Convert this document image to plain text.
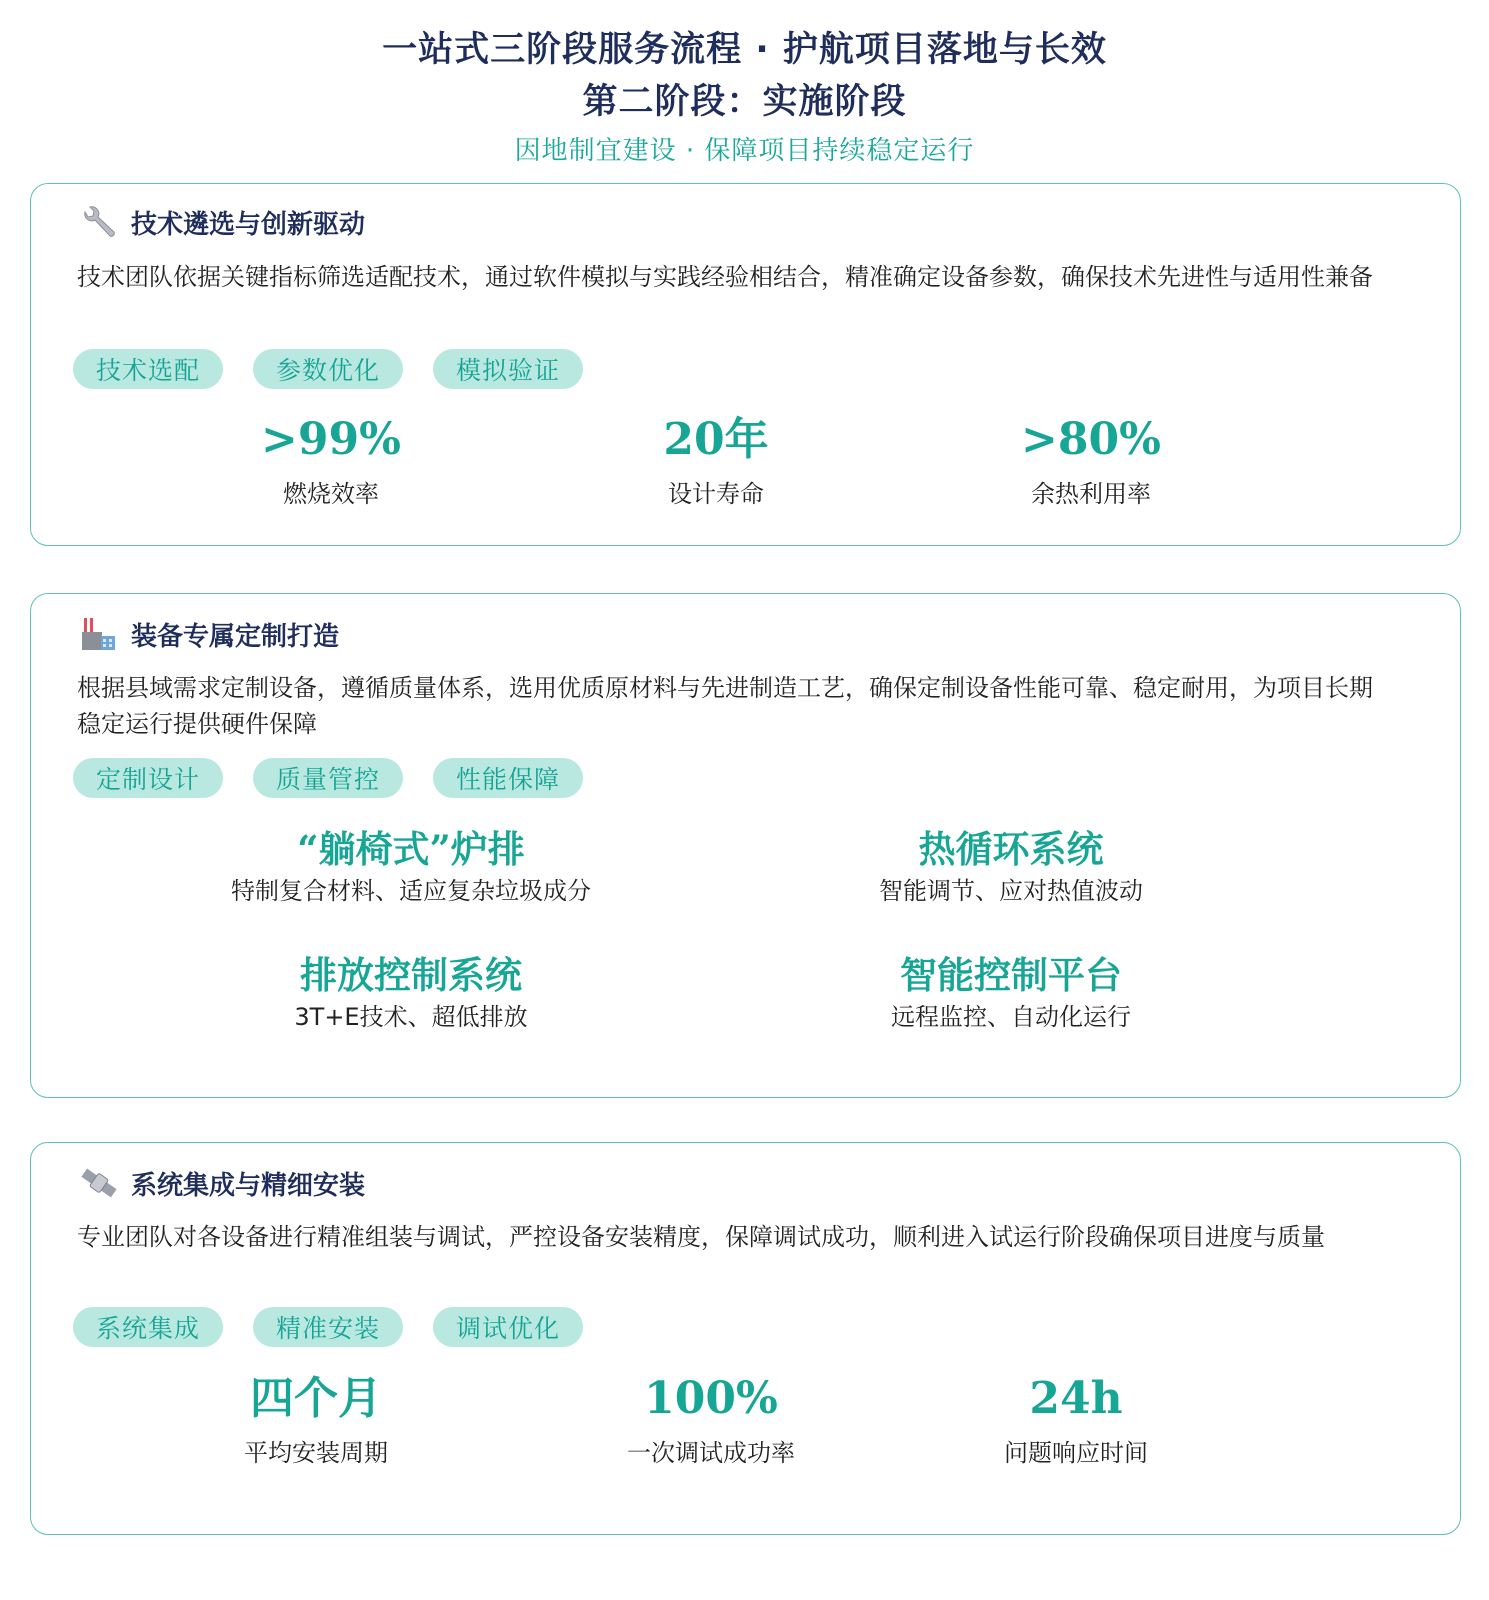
一站式三阶段服务流程 · 护航项目落地与长效
第二阶段：实施阶段
因地制宜建设 · 保障项目持续稳定运行
技术遴选与创新驱动
技术团队依据关键指标筛选适配技术，通过软件模拟与实践经验相结合，精准确定设备参数，确保技术先进性与适用性兼备
技术选配	参数优化	模拟验证
>99%
燃烧效率
20年
设计寿命
>80%
余热利用率
装备专属定制打造
根据县域需求定制设备，遵循质量体系，选用优质原材料与先进制造工艺，确保定制设备性能可靠、稳定耐用，为项目长期稳定运行提供硬件保障
定制设计	质量管控	性能保障
“躺椅式”炉排
特制复合材料、适应复杂垃圾成分
热循环系统
智能调节、应对热值波动
排放控制系统
3T+E技术、超低排放
智能控制平台
远程监控、自动化运行
系统集成与精细安装
专业团队对各设备进行精准组装与调试，严控设备安装精度，保障调试成功，顺利进入试运行阶段确保项目进度与质量
系统集成	精准安装	调试优化
四个月
平均安装周期
100%
一次调试成功率
24h
问题响应时间
